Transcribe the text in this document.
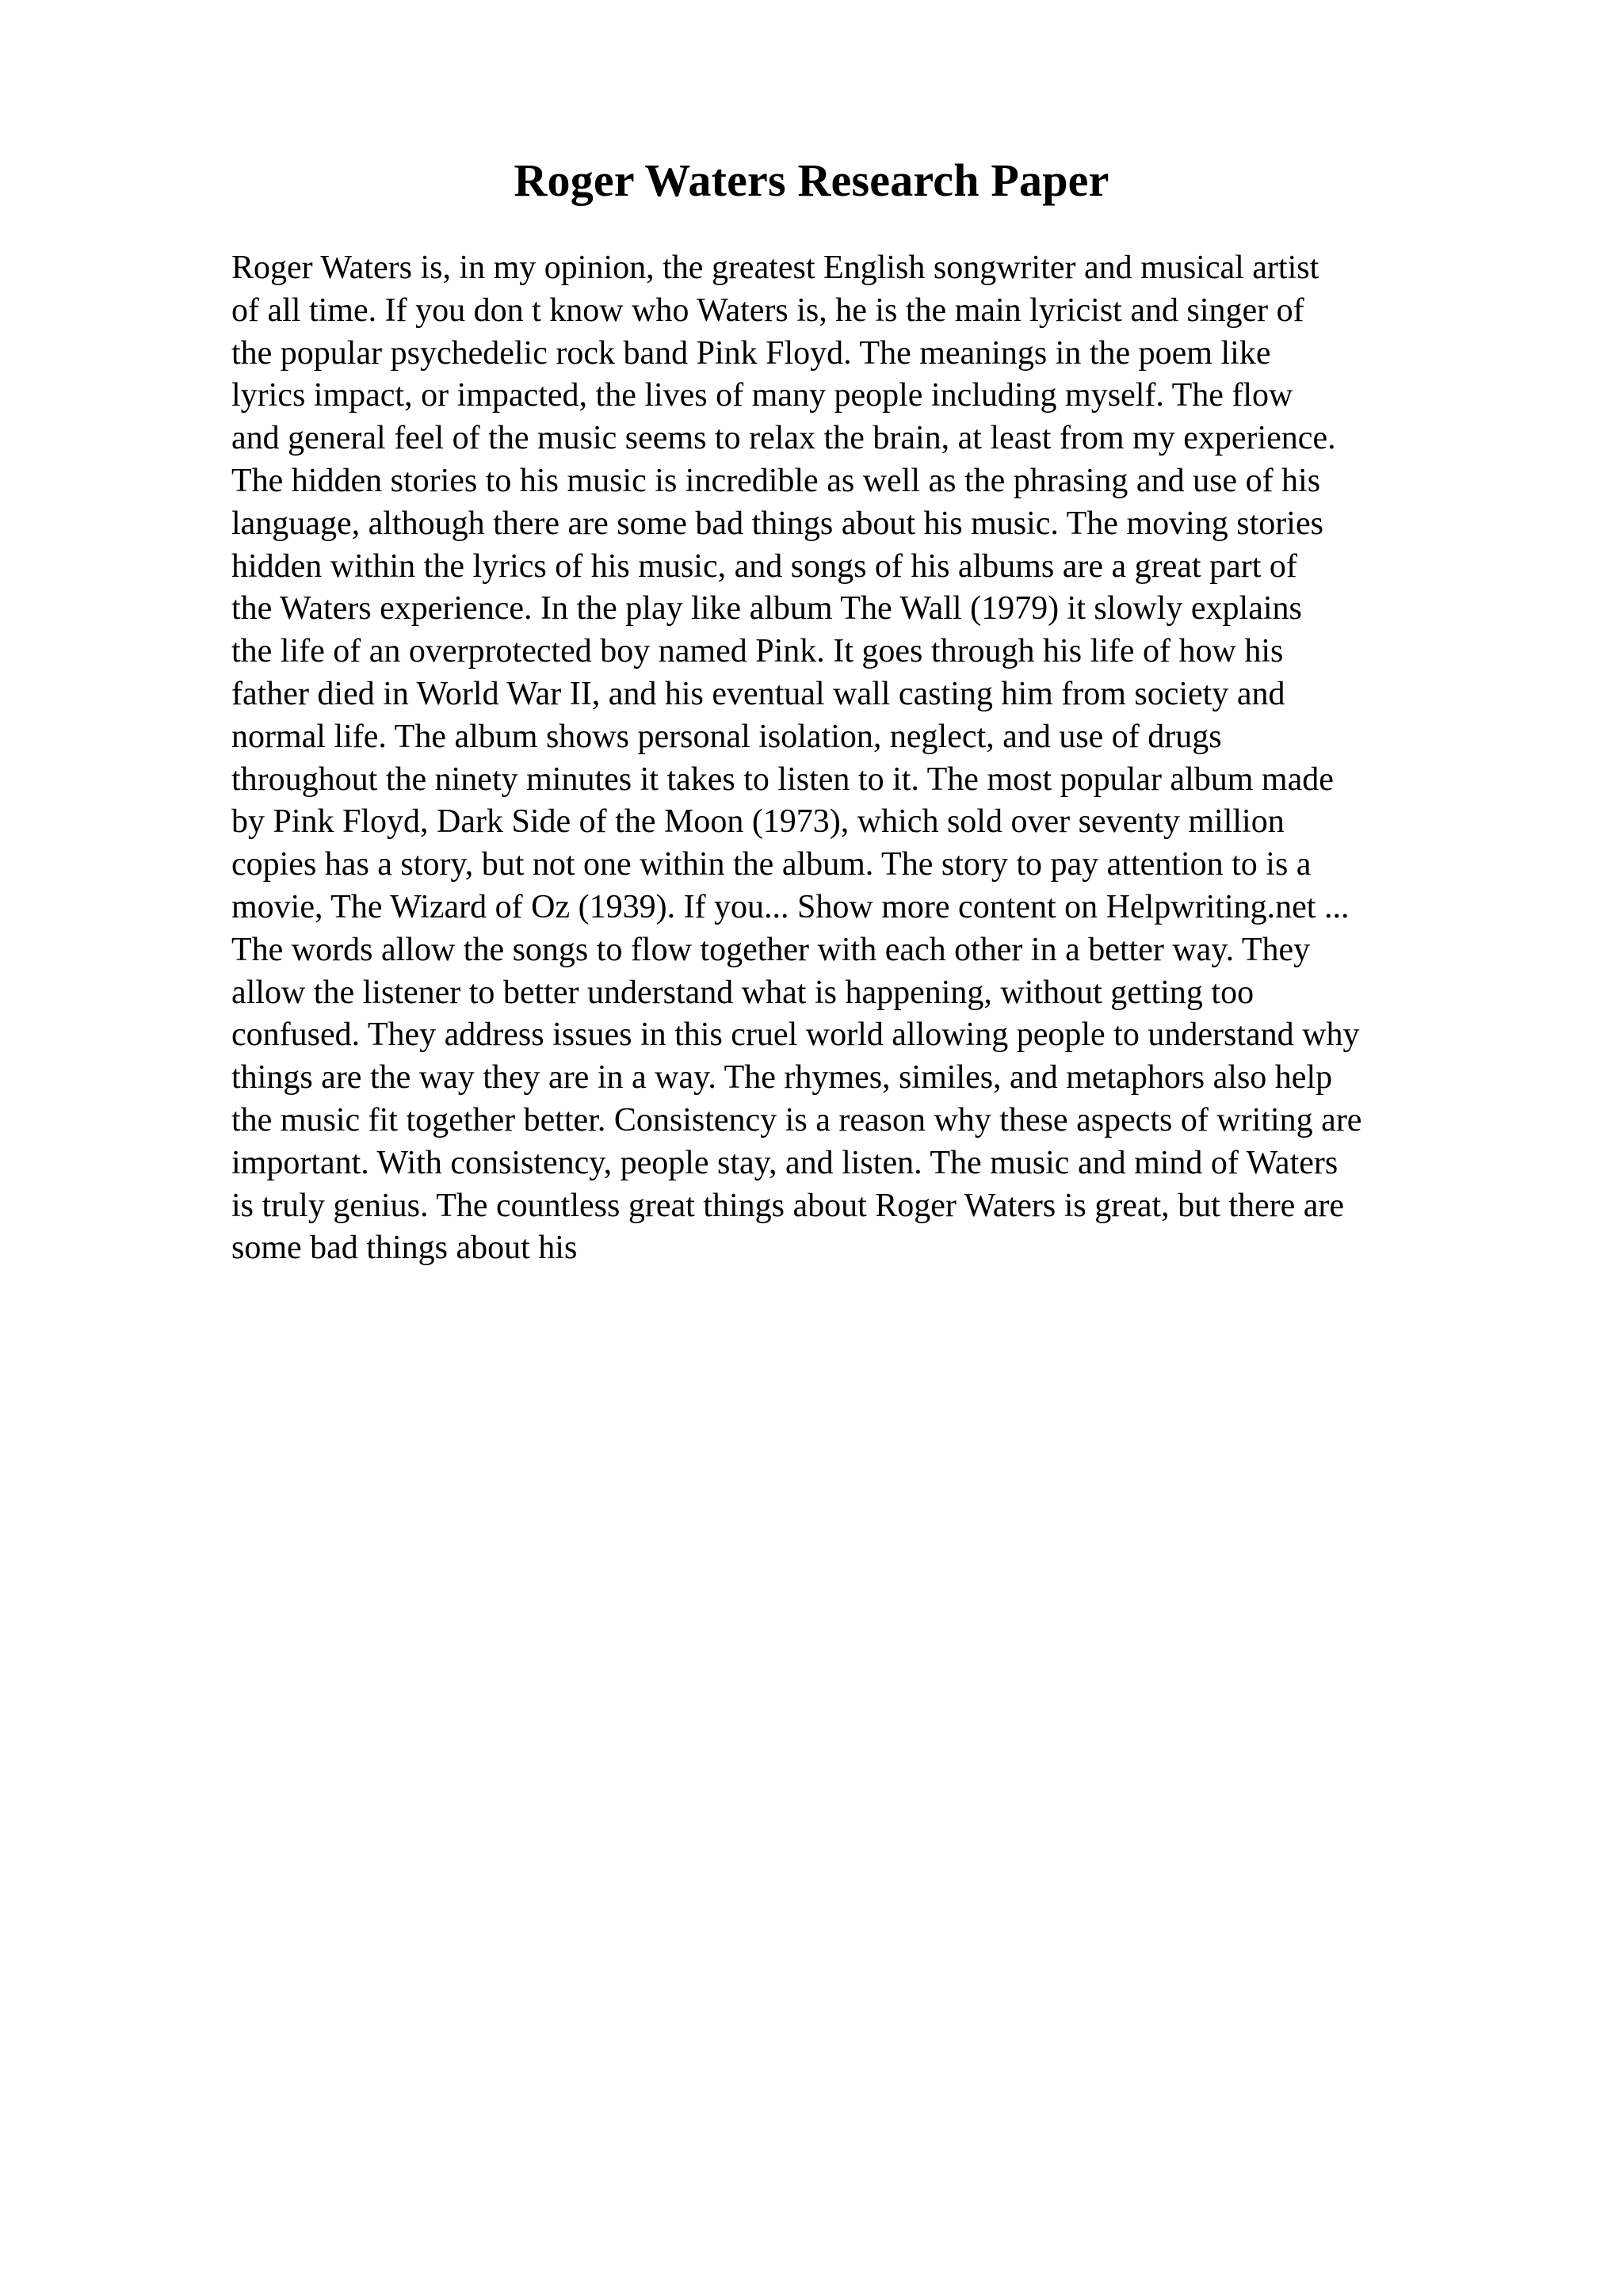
Roger Waters Research Paper
Roger Waters is, in my opinion, the greatest English songwriter and musical artist
of all time. If you don t know who Waters is, he is the main lyricist and singer of
the popular psychedelic rock band Pink Floyd. The meanings in the poem like
lyrics impact, or impacted, the lives of many people including myself. The flow
and general feel of the music seems to relax the brain, at least from my experience.
The hidden stories to his music is incredible as well as the phrasing and use of his
language, although there are some bad things about his music. The moving stories
hidden within the lyrics of his music, and songs of his albums are a great part of
the Waters experience. In the play like album The Wall (1979) it slowly explains
the life of an overprotected boy named Pink. It goes through his life of how his
father died in World War II, and his eventual wall casting him from society and
normal life. The album shows personal isolation, neglect, and use of drugs
throughout the ninety minutes it takes to listen to it. The most popular album made
by Pink Floyd, Dark Side of the Moon (1973), which sold over seventy million
copies has a story, but not one within the album. The story to pay attention to is a
movie, The Wizard of Oz (1939). If you... Show more content on Helpwriting.net ...
The words allow the songs to flow together with each other in a better way. They
allow the listener to better understand what is happening, without getting too
confused. They address issues in this cruel world allowing people to understand why
things are the way they are in a way. The rhymes, similes, and metaphors also help
the music fit together better. Consistency is a reason why these aspects of writing are
important. With consistency, people stay, and listen. The music and mind of Waters
is truly genius. The countless great things about Roger Waters is great, but there are
some bad things about his
